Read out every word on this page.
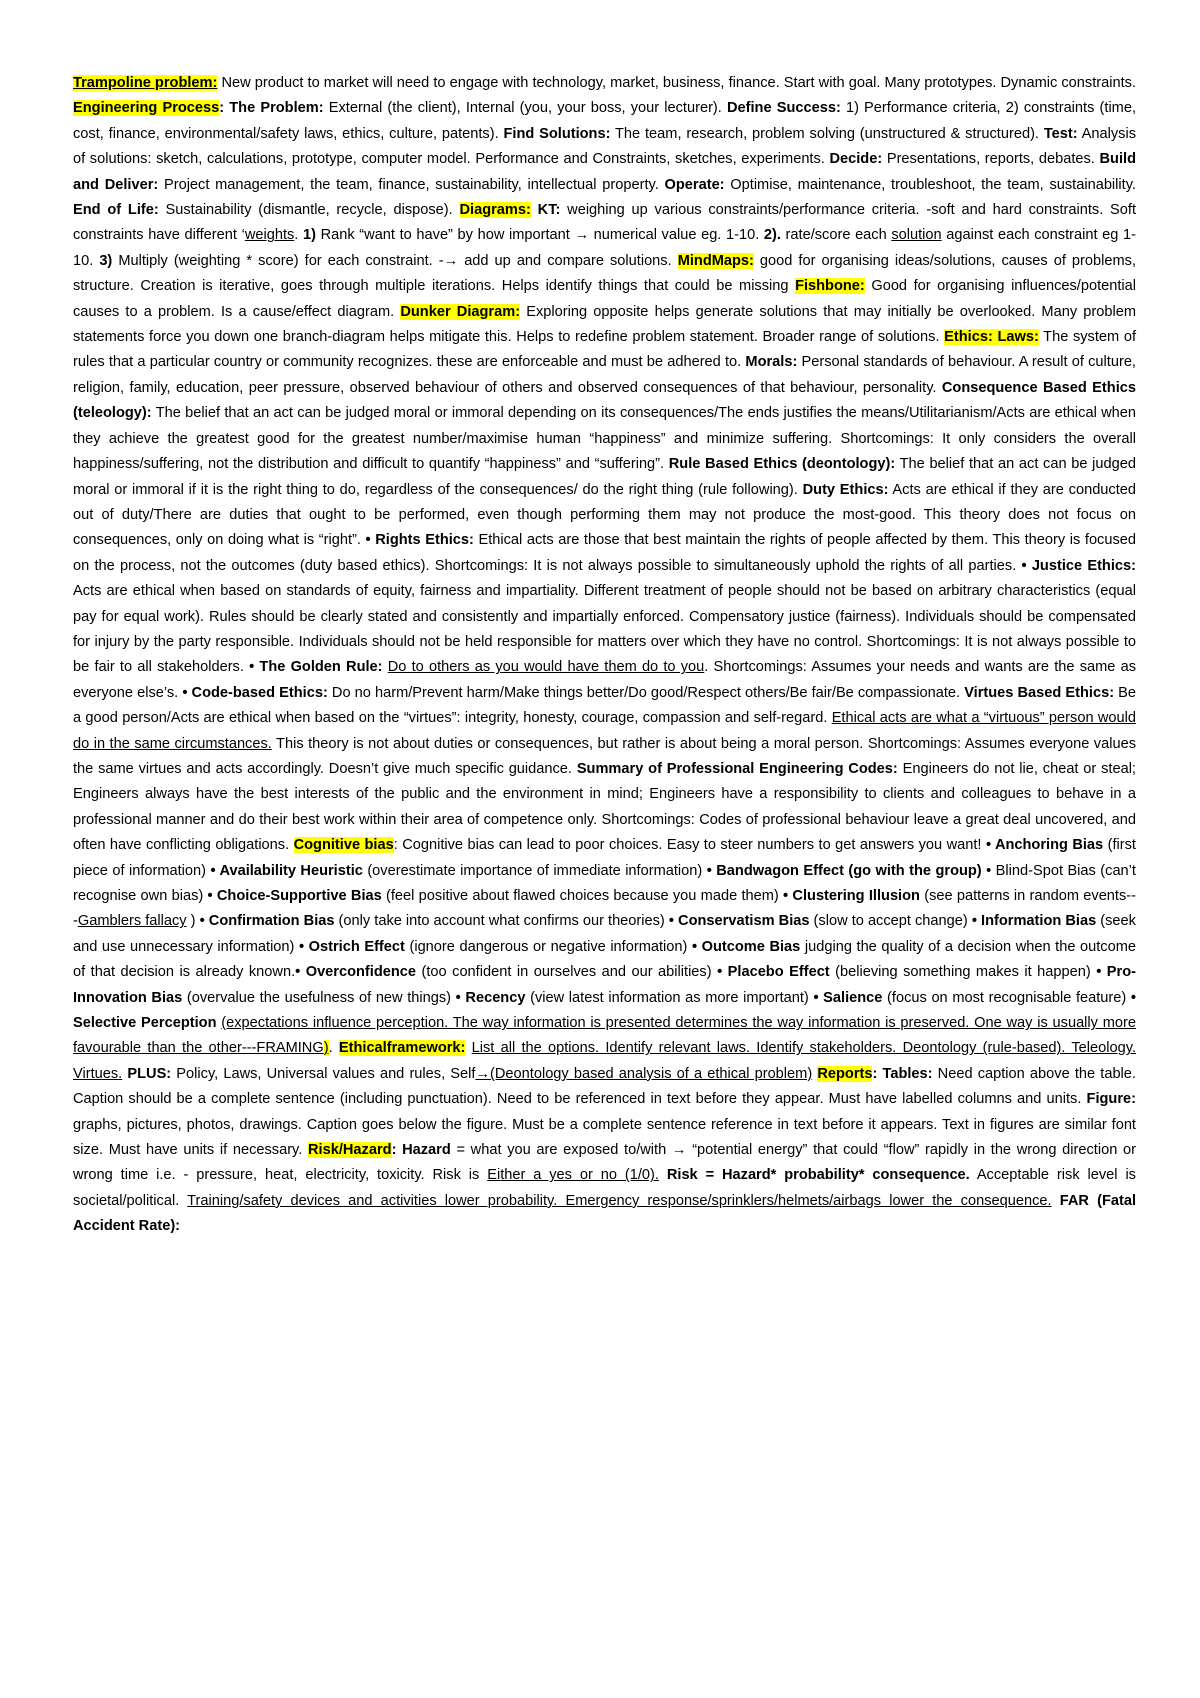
Trampoline problem: New product to market will need to engage with technology, market, business, finance. Start with goal. Many prototypes. Dynamic constraints. Engineering Process: The Problem: External (the client), Internal (you, your boss, your lecturer). Define Success: 1) Performance criteria, 2) constraints (time, cost, finance, environmental/safety laws, ethics, culture, patents). Find Solutions: The team, research, problem solving (unstructured & structured). Test: Analysis of solutions: sketch, calculations, prototype, computer model. Performance and Constraints, sketches, experiments. Decide: Presentations, reports, debates. Build and Deliver: Project management, the team, finance, sustainability, intellectual property. Operate: Optimise, maintenance, troubleshoot, the team, sustainability. End of Life: Sustainability (dismantle, recycle, dispose). Diagrams: KT: weighing up various constraints/performance criteria. -soft and hard constraints. Soft constraints have different ‘weights. 1) Rank “want to have” by how important → numerical value eg. 1-10. 2). rate/score each solution against each constraint eg 1-10. 3) Multiply (weighting * score) for each constraint. -→ add up and compare solutions. MindMaps: good for organising ideas/solutions, causes of problems, structure. Creation is iterative, goes through multiple iterations. Helps identify things that could be missing Fishbone: Good for organising influences/potential causes to a problem. Is a cause/effect diagram. Dunker Diagram: Exploring opposite helps generate solutions that may initially be overlooked. Many problem statements force you down one branch-diagram helps mitigate this. Helps to redefine problem statement. Broader range of solutions. Ethics: Laws: The system of rules that a particular country or community recognizes. these are enforceable and must be adhered to. Morals: Personal standards of behaviour. A result of culture, religion, family, education, peer pressure, observed behaviour of others and observed consequences of that behaviour, personality. Consequence Based Ethics (teleology): The belief that an act can be judged moral or immoral depending on its consequences/The ends justifies the means/Utilitarianism/Acts are ethical when they achieve the greatest good for the greatest number/maximise human “happiness” and minimize suffering. Shortcomings: It only considers the overall happiness/suffering, not the distribution and difficult to quantify “happiness” and “suffering”. Rule Based Ethics (deontology): The belief that an act can be judged moral or immoral if it is the right thing to do, regardless of the consequences/ do the right thing (rule following). Duty Ethics: Acts are ethical if they are conducted out of duty/There are duties that ought to be performed, even though performing them may not produce the most-good. This theory does not focus on consequences, only on doing what is “right”. • Rights Ethics: Ethical acts are those that best maintain the rights of people affected by them. This theory is focused on the process, not the outcomes (duty based ethics). Shortcomings: It is not always possible to simultaneously uphold the rights of all parties. • Justice Ethics: Acts are ethical when based on standards of equity, fairness and impartiality. Different treatment of people should not be based on arbitrary characteristics (equal pay for equal work). Rules should be clearly stated and consistently and impartially enforced. Compensatory justice (fairness). Individuals should be compensated for injury by the party responsible. Individuals should not be held responsible for matters over which they have no control. Shortcomings: It is not always possible to be fair to all stakeholders. • The Golden Rule: Do to others as you would have them do to you. Shortcomings: Assumes your needs and wants are the same as everyone else’s. • Code-based Ethics: Do no harm/Prevent harm/Make things better/Do good/Respect others/Be fair/Be compassionate. Virtues Based Ethics: Be a good person/Acts are ethical when based on the “virtues”: integrity, honesty, courage, compassion and self-regard. Ethical acts are what a “virtuous” person would do in the same circumstances. This theory is not about duties or consequences, but rather is about being a moral person. Shortcomings: Assumes everyone values the same virtues and acts accordingly. Doesn’t give much specific guidance. Summary of Professional Engineering Codes: Engineers do not lie, cheat or steal; Engineers always have the best interests of the public and the environment in mind; Engineers have a responsibility to clients and colleagues to behave in a professional manner and do their best work within their area of competence only. Shortcomings: Codes of professional behaviour leave a great deal uncovered, and often have conflicting obligations. Cognitive bias: Cognitive bias can lead to poor choices. Easy to steer numbers to get answers you want! • Anchoring Bias (first piece of information) • Availability Heuristic (overestimate importance of immediate information) • Bandwagon Effect (go with the group) • Blind-Spot Bias (can’t recognise own bias) • Choice-Supportive Bias (feel positive about flawed choices because you made them) • Clustering Illusion (see patterns in random events---Gamblers fallacy ) • Confirmation Bias (only take into account what confirms our theories) • Conservatism Bias (slow to accept change) • Information Bias (seek and use unnecessary information) • Ostrich Effect (ignore dangerous or negative information) • Outcome Bias judging the quality of a decision when the outcome of that decision is already known.• Overconfidence (too confident in ourselves and our abilities) • Placebo Effect (believing something makes it happen) • Pro-Innovation Bias (overvalue the usefulness of new things) • Recency (view latest information as more important) • Salience (focus on most recognisable feature) • Selective Perception (expectations influence perception. The way information is presented determines the way information is preserved. One way is usually more favourable than the other---FRAMING). Ethicalframework: List all the options. Identify relevant laws. Identify stakeholders. Deontology (rule-based). Teleology. Virtues. PLUS: Policy, Laws, Universal values and rules, Self→(Deontology based analysis of a ethical problem) Reports: Tables: Need caption above the table. Caption should be a complete sentence (including punctuation). Need to be referenced in text before they appear. Must have labelled columns and units. Figure: graphs, pictures, photos, drawings. Caption goes below the figure. Must be a complete sentence reference in text before it appears. Text in figures are similar font size. Must have units if necessary. Risk/Hazard: Hazard = what you are exposed to/with → “potential energy” that could “flow” rapidly in the wrong direction or wrong time i.e. - pressure, heat, electricity, toxicity. Risk is Either a yes or no (1/0). Risk = Hazard* probability* consequence. Acceptable risk level is societal/political. Training/safety devices and activities lower probability. Emergency response/sprinklers/helmets/airbags lower the consequence. FAR (Fatal Accident Rate):
